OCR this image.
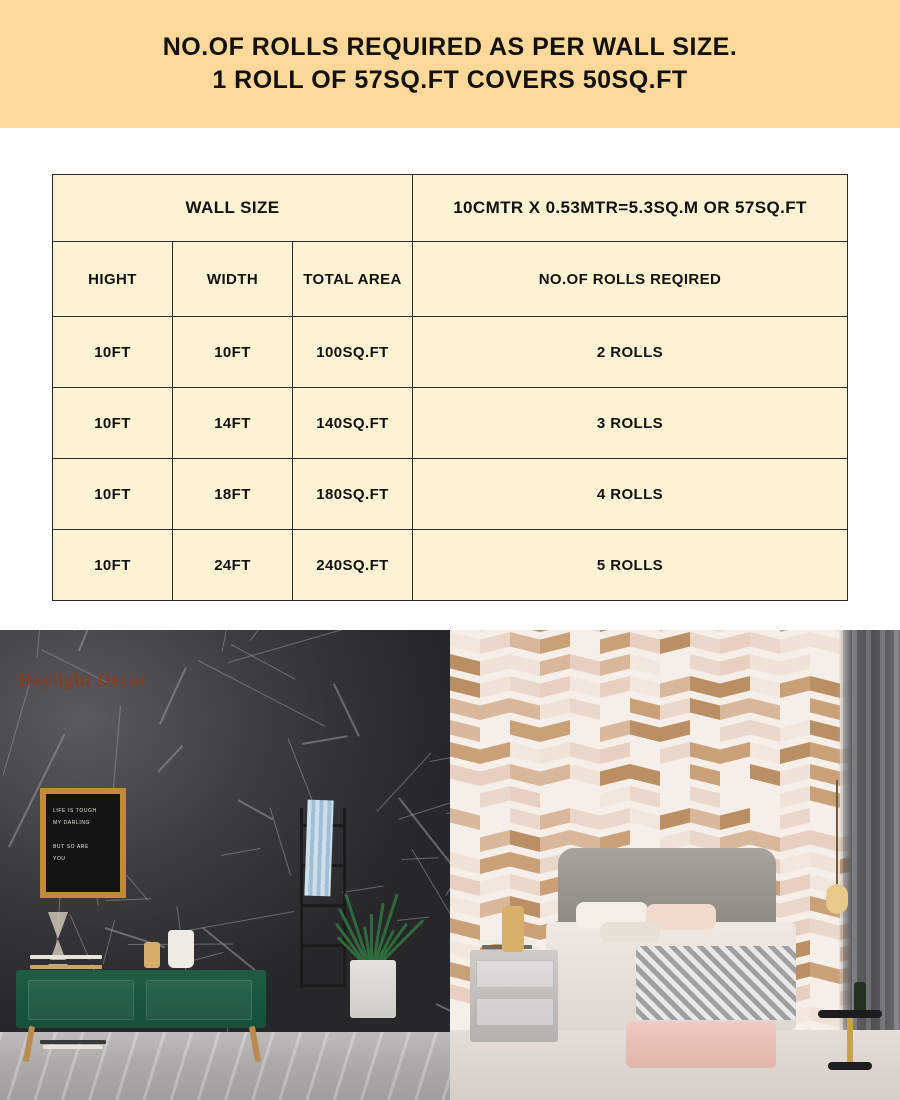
NO.OF ROLLS REQUIRED AS PER WALL SIZE.
1 ROLL OF 57SQ.FT COVERS 50SQ.FT
WALL SIZE			10CMTR X 0.53MTR=5.3SQ.M OR 57SQ.FT
HIGHT	WIDTH	TOTAL AREA	NO.OF ROLLS REQIRED
10FT	10FT	100SQ.FT	2 ROLLS
10FT	14FT	140SQ.FT	3 ROLLS
10FT	18FT	180SQ.FT	4 ROLLS
10FT	24FT	240SQ.FT	5 ROLLS
Daylight Decor
LIFE IS TOUGH
MY DARLING
BUT SO ARE
YOU
